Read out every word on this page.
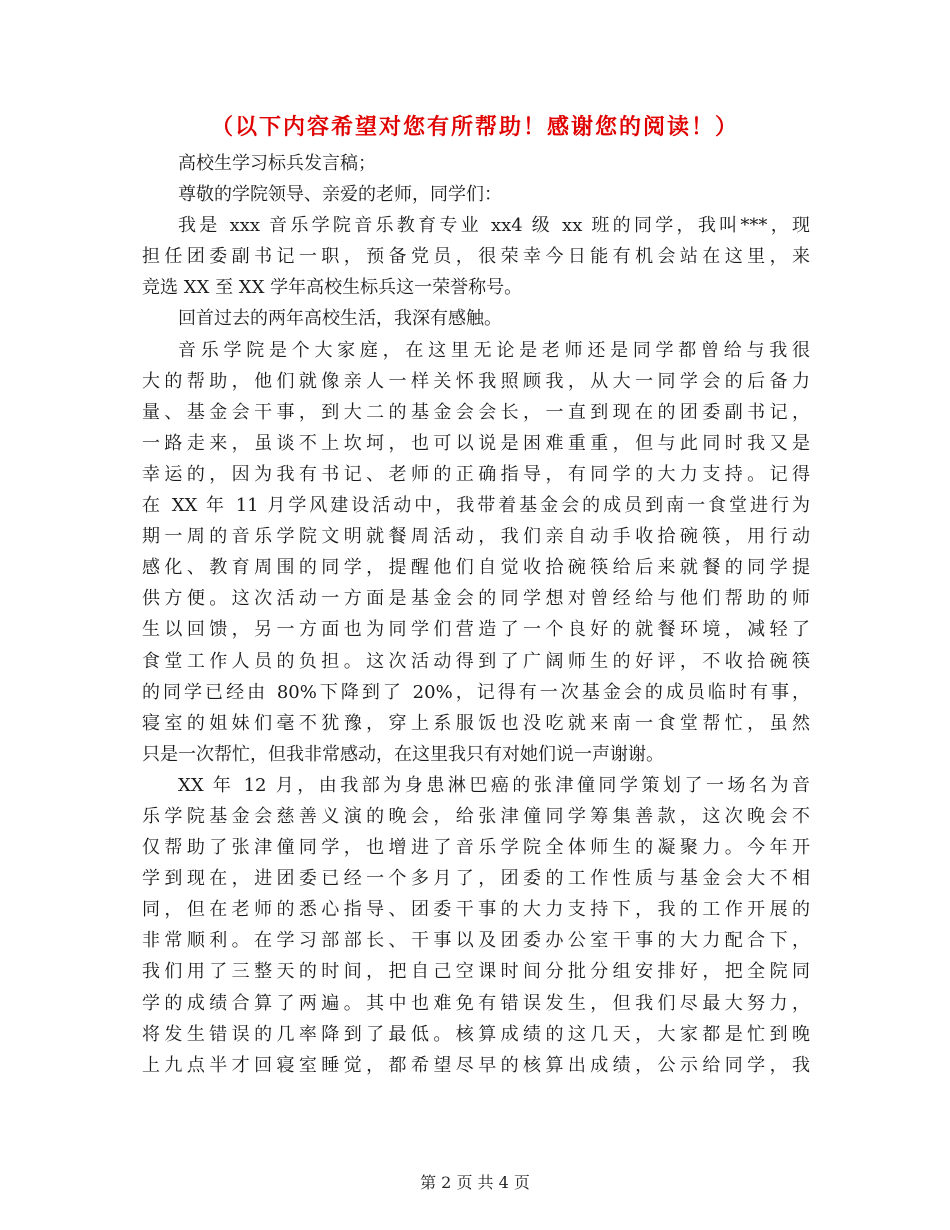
（以下内容希望对您有所帮助！感谢您的阅读！）
高校生学习标兵发言稿；
尊敬的学院领导、亲爱的老师，同学们：
我是 xxx 音乐学院音乐教育专业 xx4 级 xx 班的同学，我叫***，现
担任团委副书记一职，预备党员，很荣幸今日能有机会站在这里，来
竞选 XX 至 XX 学年高校生标兵这一荣誉称号。
回首过去的两年高校生活，我深有感触。
音乐学院是个大家庭，在这里无论是老师还是同学都曾给与我很
大的帮助，他们就像亲人一样关怀我照顾我，从大一同学会的后备力
量、基金会干事，到大二的基金会会长，一直到现在的团委副书记，
一路走来，虽谈不上坎坷，也可以说是困难重重，但与此同时我又是
幸运的，因为我有书记、老师的正确指导，有同学的大力支持。记得
在 XX 年 11 月学风建设活动中，我带着基金会的成员到南一食堂进行为
期一周的音乐学院文明就餐周活动，我们亲自动手收拾碗筷，用行动
感化、教育周围的同学，提醒他们自觉收拾碗筷给后来就餐的同学提
供方便。这次活动一方面是基金会的同学想对曾经给与他们帮助的师
生以回馈，另一方面也为同学们营造了一个良好的就餐环境，减轻了
食堂工作人员的负担。这次活动得到了广阔师生的好评，不收拾碗筷
的同学已经由 80%下降到了 20%，记得有一次基金会的成员临时有事，
寝室的姐妹们毫不犹豫，穿上系服饭也没吃就来南一食堂帮忙，虽然
只是一次帮忙，但我非常感动，在这里我只有对她们说一声谢谢。
XX 年 12 月，由我部为身患淋巴癌的张津僮同学策划了一场名为音
乐学院基金会慈善义演的晚会，给张津僮同学筹集善款，这次晚会不
仅帮助了张津僮同学，也增进了音乐学院全体师生的凝聚力。今年开
学到现在，进团委已经一个多月了，团委的工作性质与基金会大不相
同，但在老师的悉心指导、团委干事的大力支持下，我的工作开展的
非常顺利。在学习部部长、干事以及团委办公室干事的大力配合下，
我们用了三整天的时间，把自己空课时间分批分组安排好，把全院同
学的成绩合算了两遍。其中也难免有错误发生，但我们尽最大努力，
将发生错误的几率降到了最低。核算成绩的这几天，大家都是忙到晚
上九点半才回寝室睡觉，都希望尽早的核算出成绩，公示给同学，我
第 2 页 共 4 页
